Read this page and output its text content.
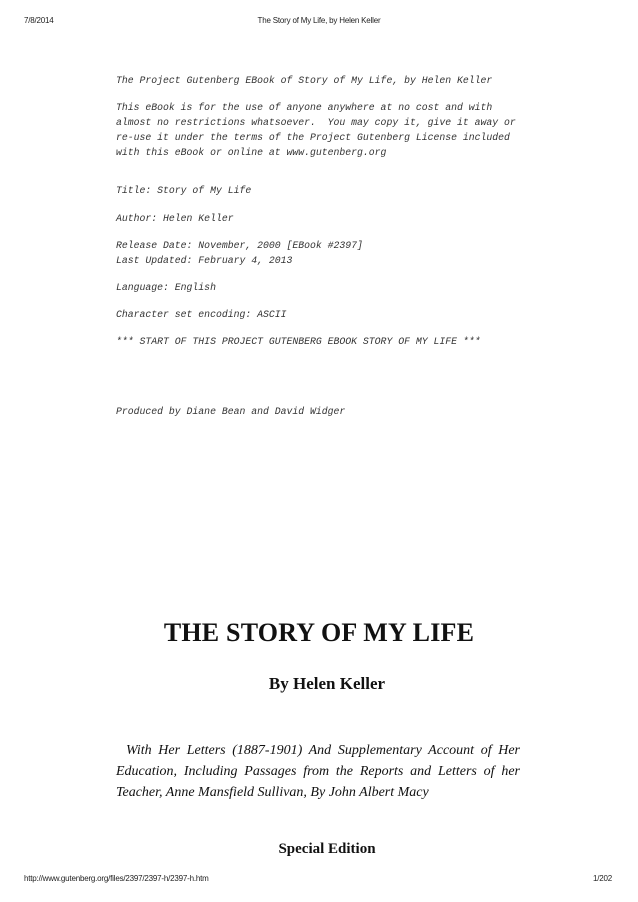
7/8/2014	The Story of My Life, by Helen Keller
The Project Gutenberg EBook of Story of My Life, by Helen Keller
This eBook is for the use of anyone anywhere at no cost and with
almost no restrictions whatsoever.  You may copy it, give it away or
re-use it under the terms of the Project Gutenberg License included
with this eBook or online at www.gutenberg.org
Title: Story of My Life
Author: Helen Keller
Release Date: November, 2000 [EBook #2397]
Last Updated: February 4, 2013
Language: English
Character set encoding: ASCII
*** START OF THIS PROJECT GUTENBERG EBOOK STORY OF MY LIFE ***
Produced by Diane Bean and David Widger
THE STORY OF MY LIFE
By Helen Keller

With Her Letters (1887-1901) And Supplementary Account of Her Education, Including Passages from the Reports and Letters of her Teacher, Anne Mansfield Sullivan, By John Albert Macy

Special Edition
http://www.gutenberg.org/files/2397/2397-h/2397-h.htm	1/202
